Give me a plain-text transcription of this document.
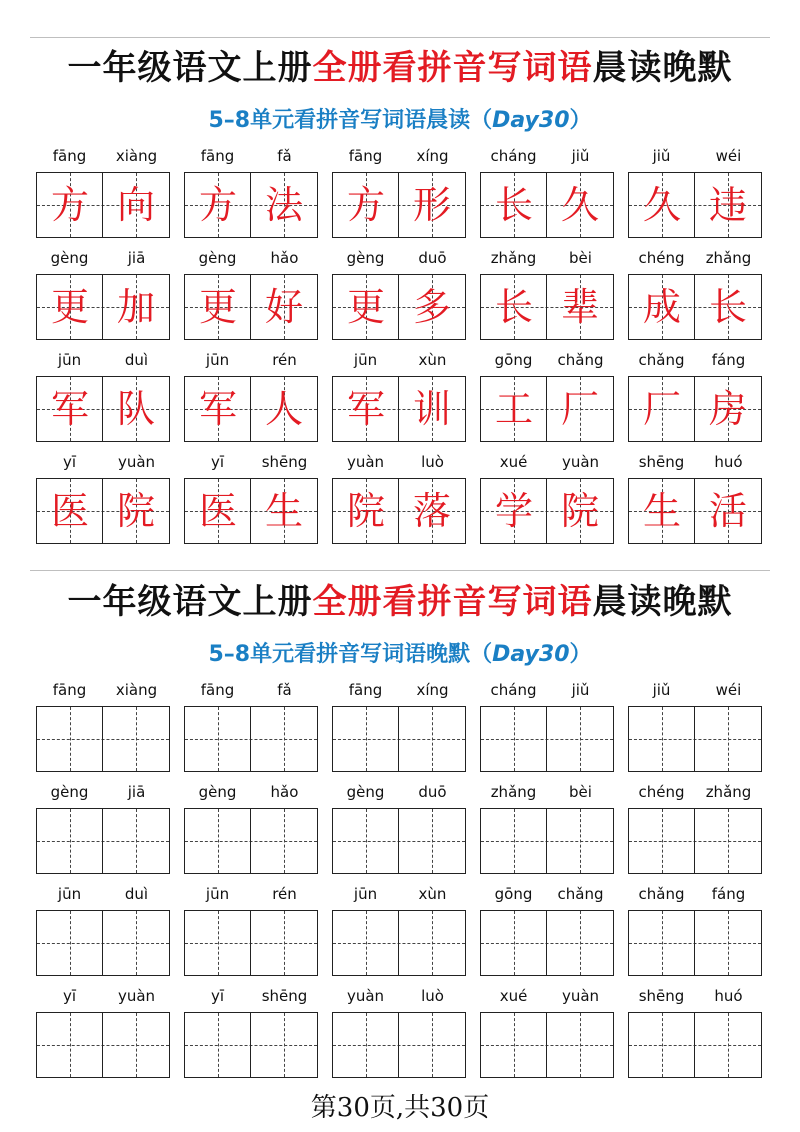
一年级语文上册全册看拼音写词语晨读晚默
5–8单元看拼音写词语晨读（Day30）
fāng	xiàng
方 向
fāng	fǎ
方 法
fāng	xíng
方 形
cháng	jiǔ
长 久
jiǔ	wéi
久 违
gèng	jiā
更 加
gèng	hǎo
更 好
gèng	duō
更 多
zhǎng	bèi
长 辈
chéng	zhǎng
成 长
jūn	duì
军 队
jūn	rén
军 人
jūn	xùn
军 训
gōng	chǎng
工 厂
chǎng	fáng
厂 房
yī	yuàn
医 院
yī	shēng
医 生
yuàn	luò
院 落
xué	yuàn
学 院
shēng	huó
生 活
一年级语文上册全册看拼音写词语晨读晚默
5–8单元看拼音写词语晚默（Day30）
fāng	xiàng	fāng	fǎ	fāng	xíng	cháng	jiǔ	jiǔ	wéi
gèng	jiā	gèng	hǎo	gèng	duō	zhǎng	bèi	chéng	zhǎng
jūn	duì	jūn	rén	jūn	xùn	gōng	chǎng	chǎng	fáng
yī	yuàn	yī	shēng	yuàn	luò	xué	yuàn	shēng	huó
第30页,共30页
